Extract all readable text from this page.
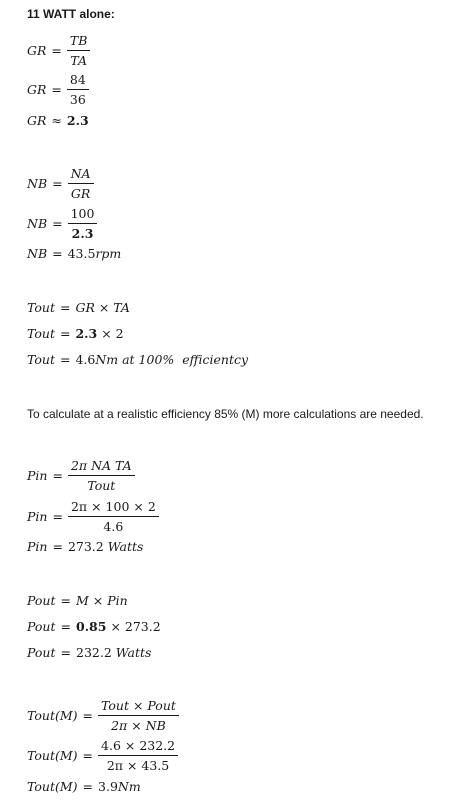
11 WATT alone:
GR = $\frac{TB}{TA}$
GR = $\frac{84}{36}$
GR ≈ 2.3
NB = $\frac{NA}{GR}$
NB = $\frac{100}{2.3}$
NB = 43.5 rpm
Tout = GR × TA
Tout = 2.3 × 2
Tout = 4.6 Nm at 100%  efficientcy
To calculate at a realistic efficiency 85% (M) more calculations are needed.
Pin = $\frac{\text{2π NA TA}}{\text{Tout}}$
Pin = $\frac{2\pi \times 100 \times 2}{4.6}$
Pin = 273.2 Watts
Pout = M × Pin
Pout = 0.85 × 273.2
Pout = 232.2 Watts
Tout(M) = $\frac{\text{Tout × Pout}}{2\pi \times NB}$
Tout(M) = $\frac{4.6 \times 232.2}{2\pi \times 43.5}$
Tout(M) = 3.9 Nm
